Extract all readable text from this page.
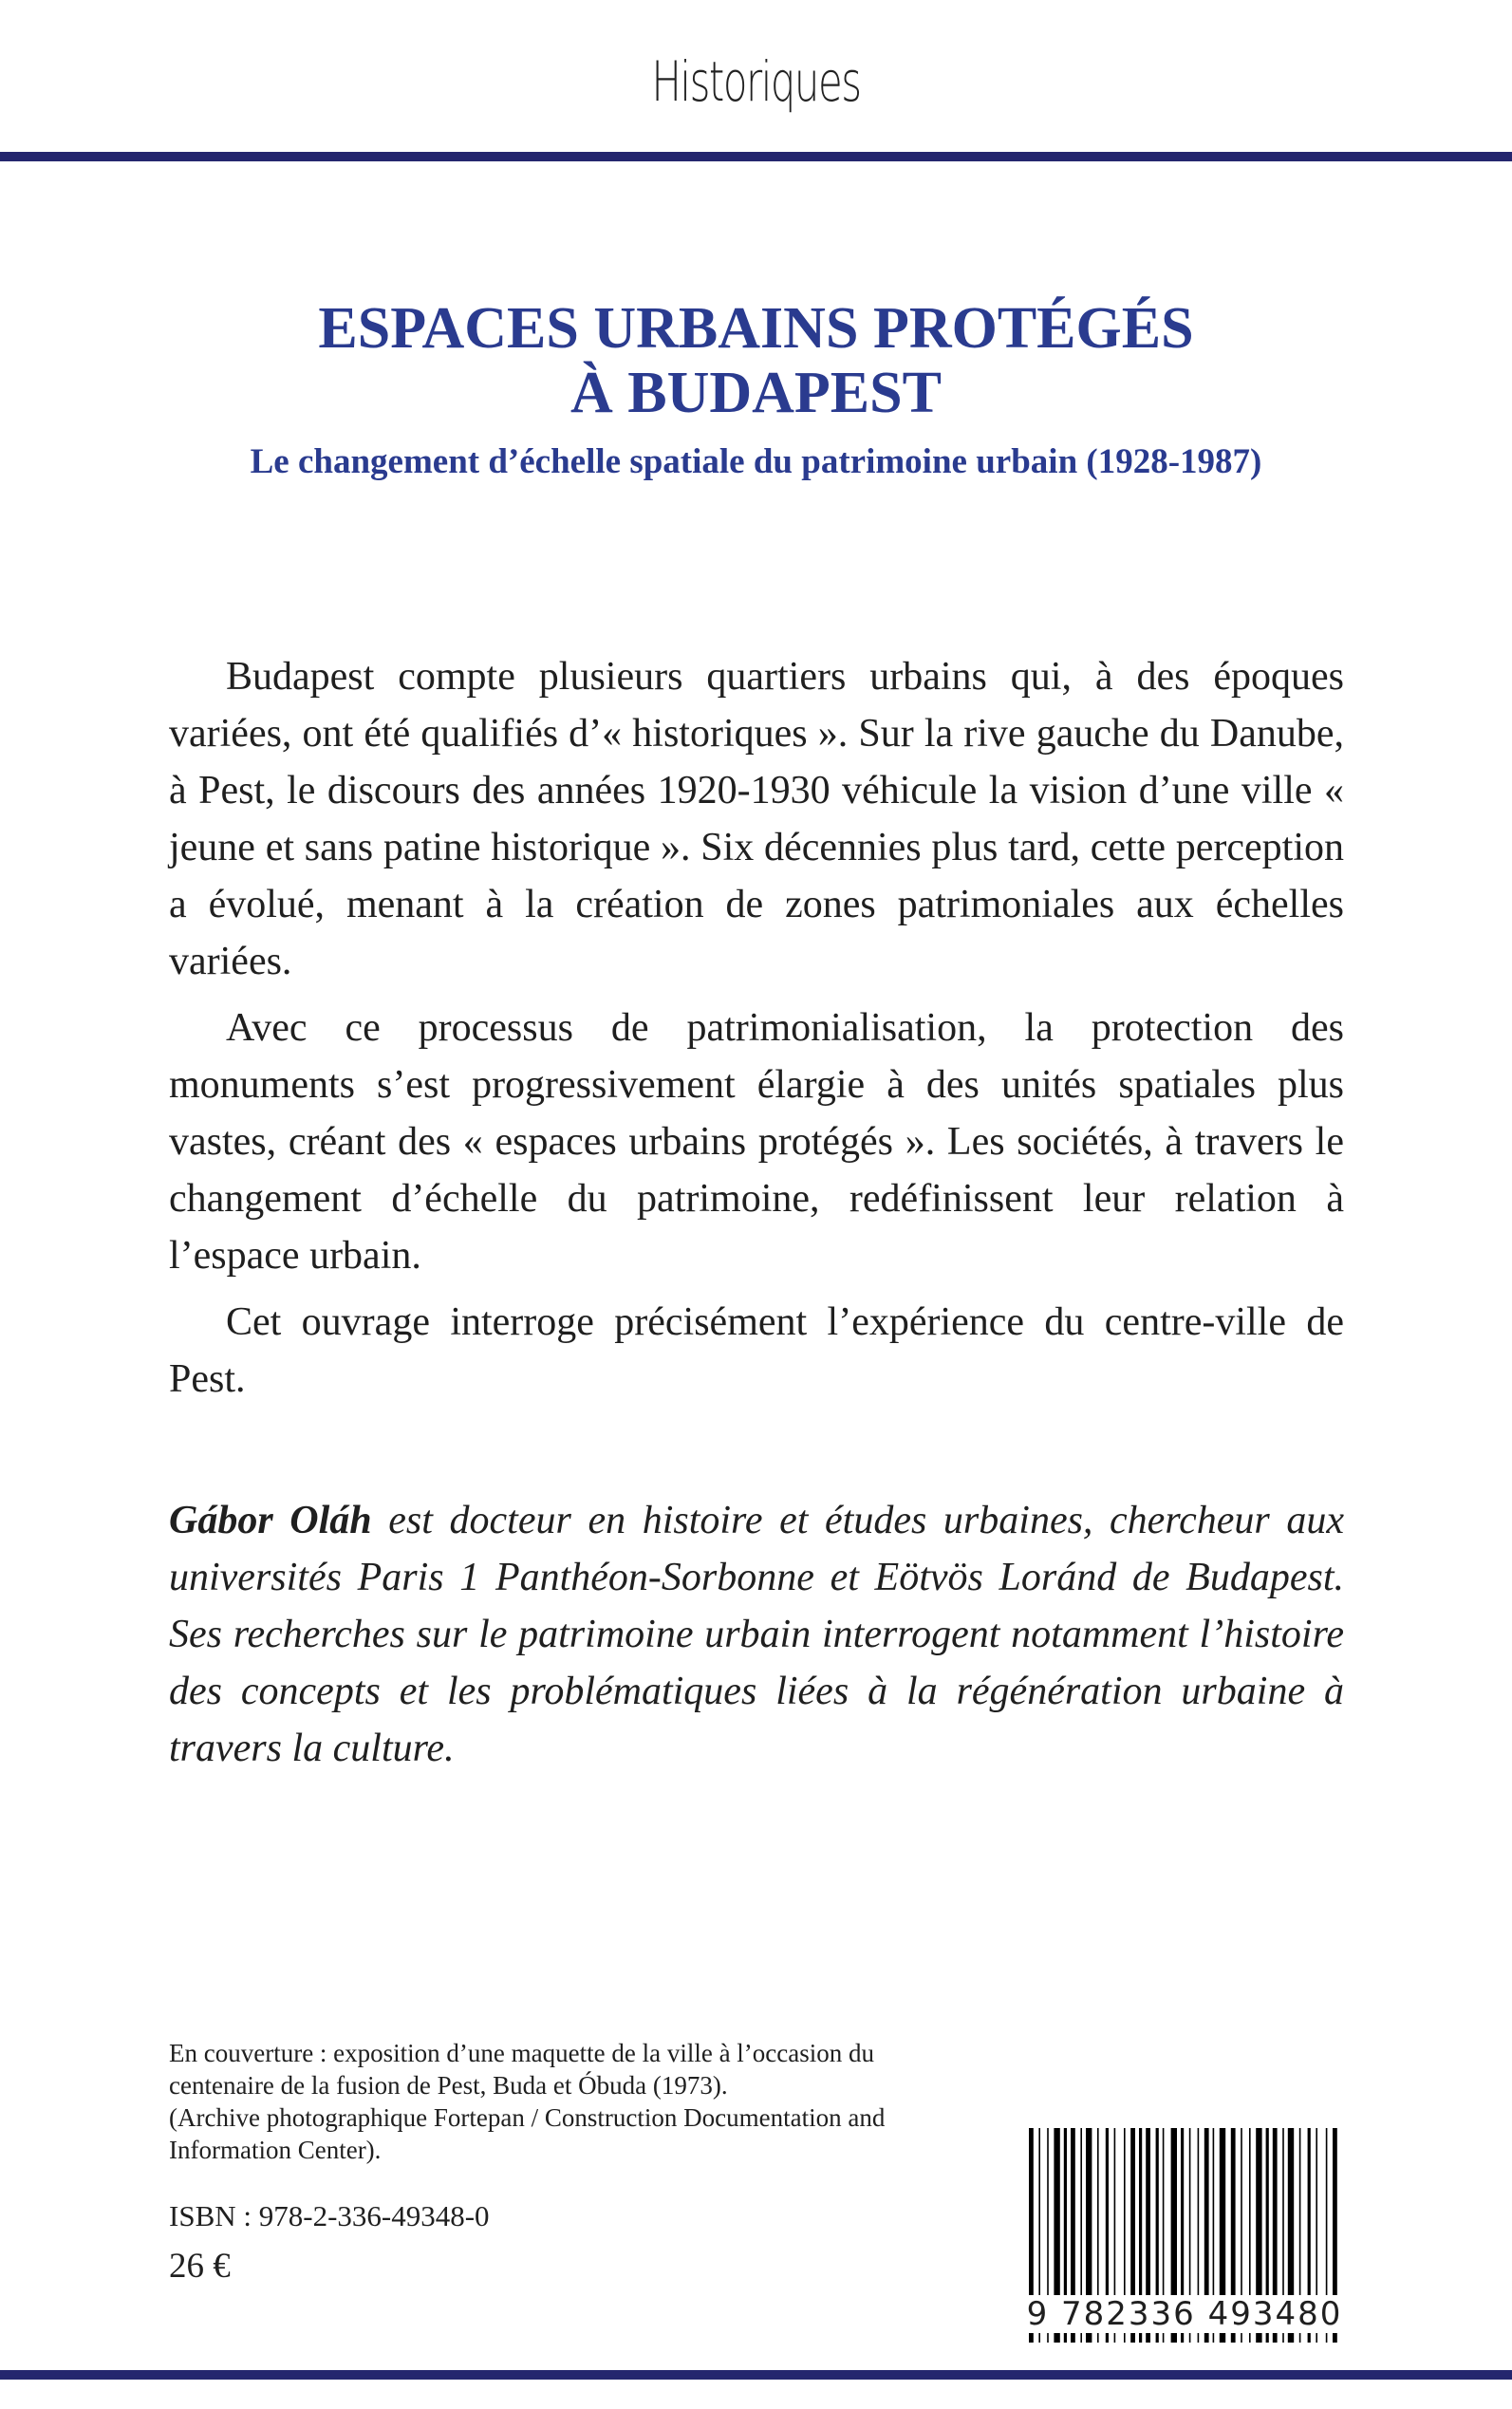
Historiques
ESPACES URBAINS PROTÉGÉS
À BUDAPEST
Le changement d’échelle spatiale du patrimoine urbain (1928-1987)

Budapest compte plusieurs quartiers urbains qui, à des époques variées, ont été qualifiés d’« historiques ». Sur la rive gauche du Danube, à Pest, le discours des années 1920-1930 véhicule la vision d’une ville « jeune et sans patine historique ». Six décennies plus tard, cette perception a évolué, menant à la création de zones patrimoniales aux échelles variées.

Avec ce processus de patrimonialisation, la protection des monuments s’est progressivement élargie à des unités spatiales plus vastes, créant des « espaces urbains protégés ». Les sociétés, à travers le changement d’échelle du patrimoine, redéfinissent leur relation à l’espace urbain.

Cet ouvrage interroge précisément l’expérience du centre-ville de Pest.

Gábor Oláh est docteur en histoire et études urbaines, chercheur aux universités Paris 1 Panthéon-Sorbonne et Eötvös Loránd de Budapest. Ses recherches sur le patrimoine urbain interrogent notamment l’histoire des concepts et les problématiques liées à la régénération urbaine à travers la culture.
En couverture : exposition d’une maquette de la ville à l’occasion du
centenaire de la fusion de Pest, Buda et Óbuda (1973).
(Archive photographique Fortepan / Construction Documentation and
Information Center).
ISBN : 978-2-336-49348-0
26 €
9 782336 493480
